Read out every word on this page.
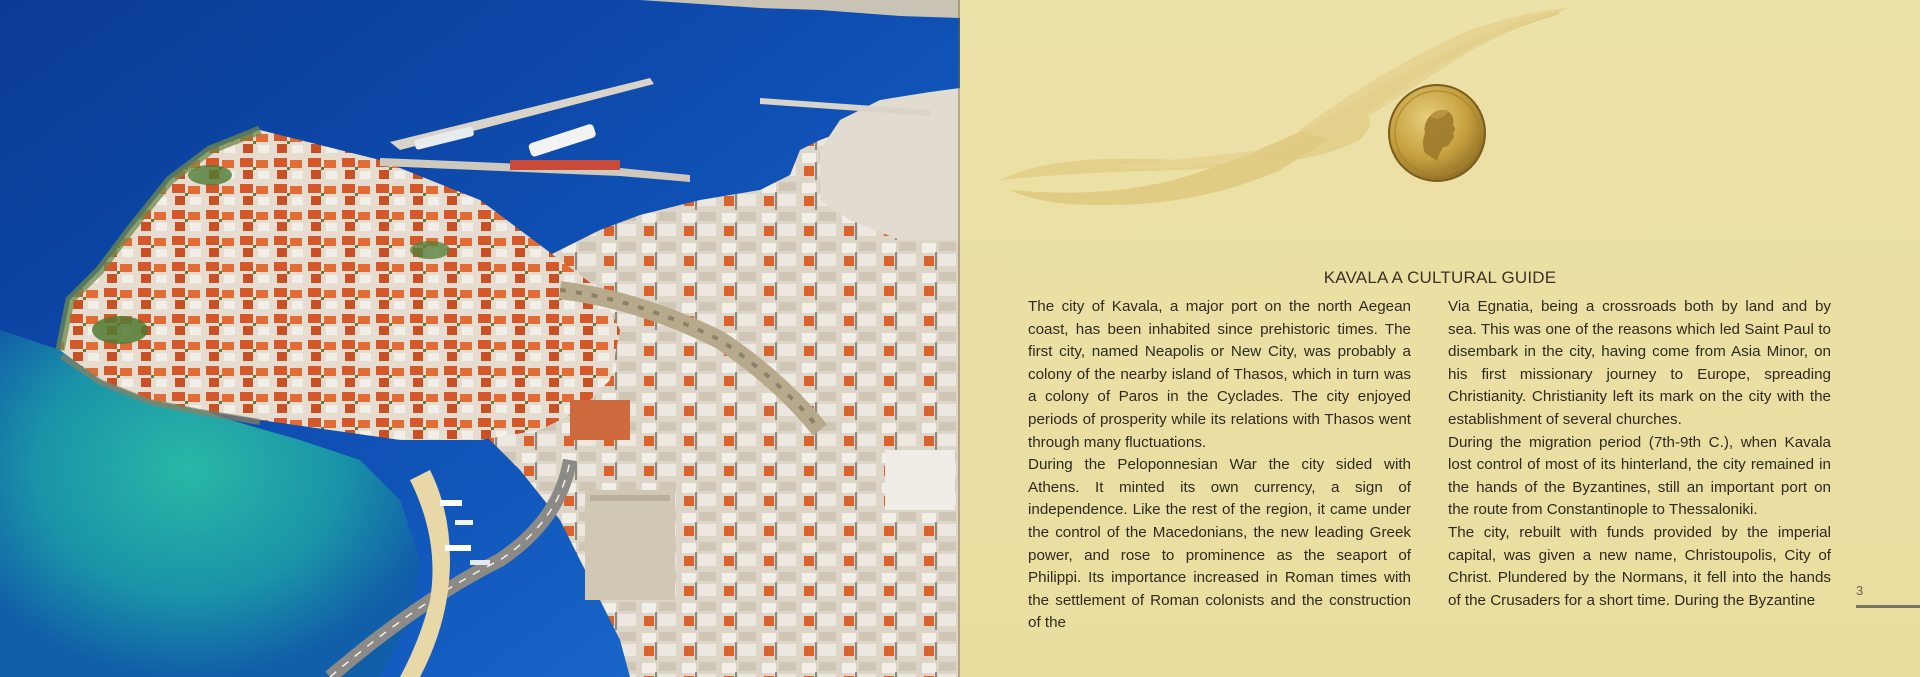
KAVALA A CULTURAL GUIDE

The city of Kavala, a major port on the north Aegean coast, has been inhabited since prehistoric times. The first city, named Neapolis or New City, was probably a colony of the nearby island of Thasos, which in turn was a colony of Paros in the Cyclades. The city enjoyed periods of prosperity while its relations with Thasos went through many fluctuations.

During the Peloponnesian War the city sided with Athens. It minted its own currency, a sign of independence. Like the rest of the region, it came under the control of the Macedonians, the new leading Greek power, and rose to prominence as the seaport of Philippi. Its importance increased in Roman times with the settlement of Roman colonists and the construction of the

Via Egnatia, being a crossroads both by land and by sea. This was one of the reasons which led Saint Paul to disembark in the city, having come from Asia Minor, on his first missionary journey to Europe, spreading Christianity. Christianity left its mark on the city with the establishment of several churches.

During the migration period (7th-9th C.), when Kavala lost control of most of its hinterland, the city remained in the hands of the Byzantines, still an important port on the route from Constantinople to Thessaloniki.

The city, rebuilt with funds provided by the imperial capital, was given a new name, Christoupolis, City of Christ. Plundered by the Normans, it fell into the hands of the Crusaders for a short time. During the Byzantine

3
